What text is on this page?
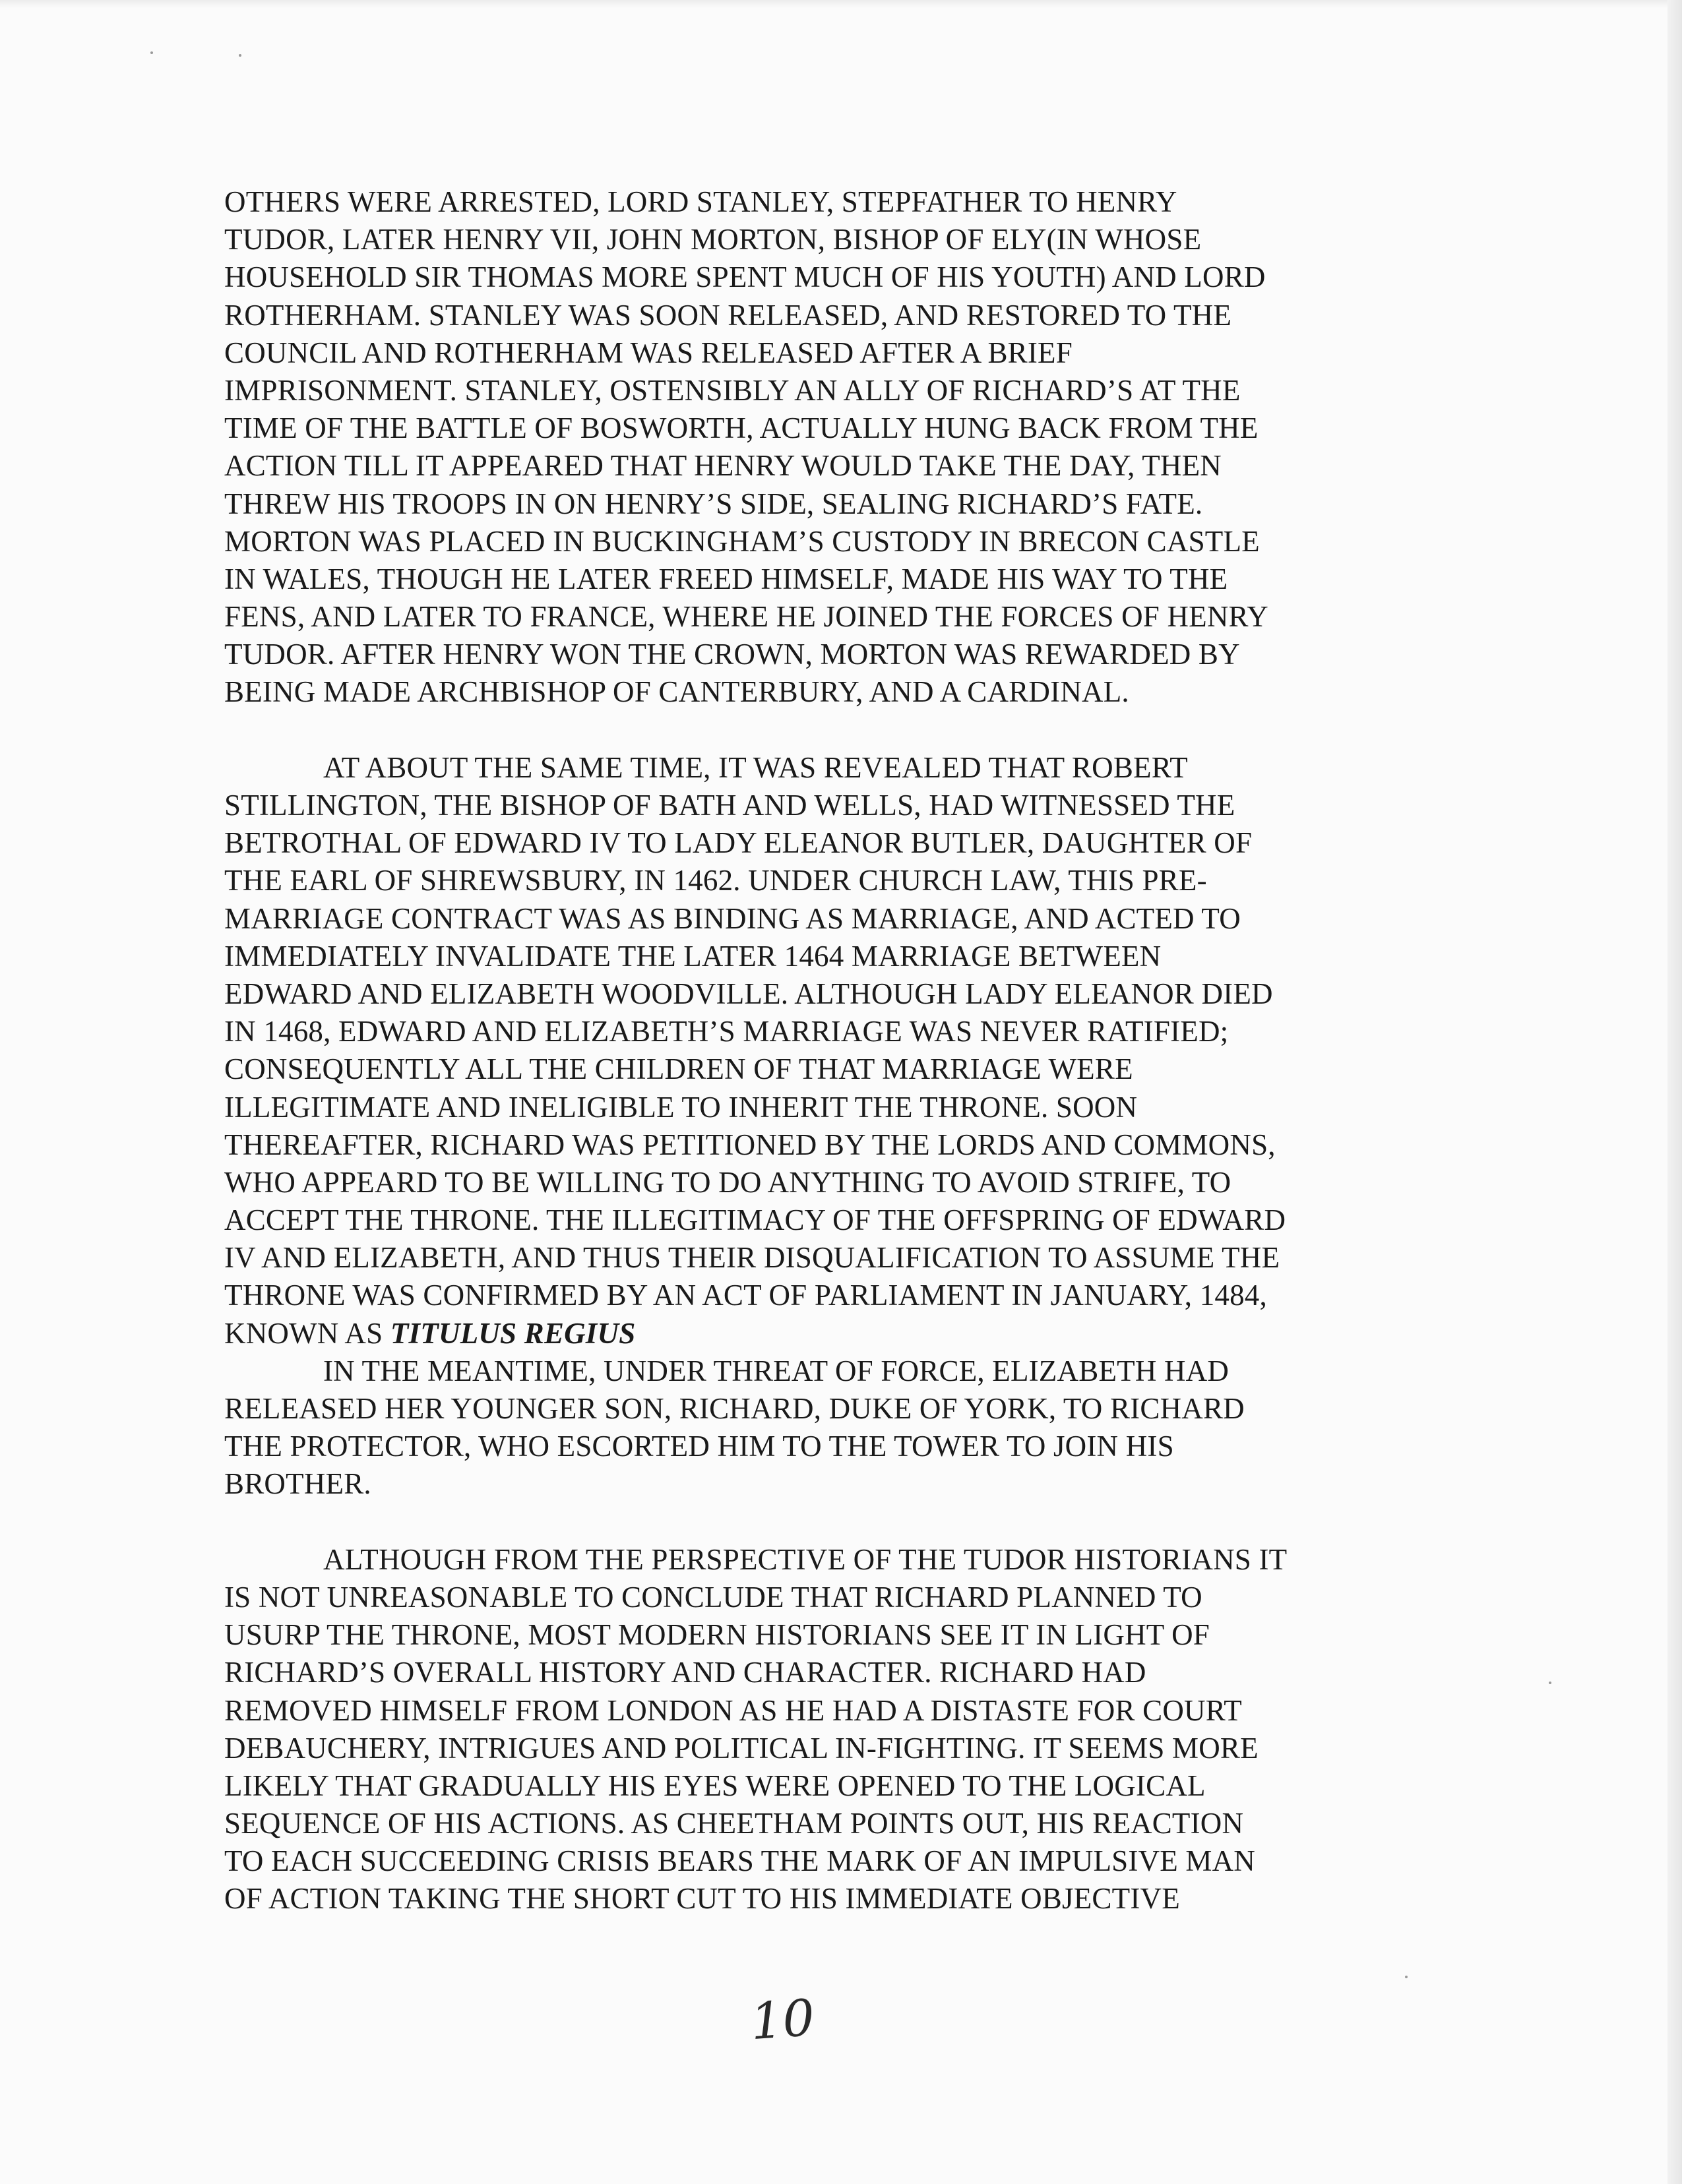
OTHERS WERE ARRESTED, LORD STANLEY, STEPFATHER TO HENRY
TUDOR, LATER HENRY VII, JOHN MORTON, BISHOP OF ELY(IN WHOSE
HOUSEHOLD SIR THOMAS MORE SPENT MUCH OF HIS YOUTH) AND LORD
ROTHERHAM. STANLEY WAS SOON RELEASED, AND RESTORED TO THE
COUNCIL AND ROTHERHAM WAS RELEASED AFTER A BRIEF
IMPRISONMENT. STANLEY, OSTENSIBLY AN ALLY OF RICHARD’S AT THE
TIME OF THE BATTLE OF BOSWORTH, ACTUALLY HUNG BACK FROM THE
ACTION TILL IT APPEARED THAT HENRY WOULD TAKE THE DAY, THEN
THREW HIS TROOPS IN ON HENRY’S SIDE, SEALING RICHARD’S FATE.
MORTON WAS PLACED IN BUCKINGHAM’S CUSTODY IN BRECON CASTLE
IN WALES, THOUGH HE LATER FREED HIMSELF, MADE HIS WAY TO THE
FENS, AND LATER TO FRANCE, WHERE HE JOINED THE FORCES OF HENRY
TUDOR. AFTER HENRY WON THE CROWN, MORTON WAS REWARDED BY
BEING MADE ARCHBISHOP OF CANTERBURY, AND A CARDINAL.
AT ABOUT THE SAME TIME, IT WAS REVEALED THAT ROBERT
STILLINGTON, THE BISHOP OF BATH AND WELLS, HAD WITNESSED THE
BETROTHAL OF EDWARD IV TO LADY ELEANOR BUTLER, DAUGHTER OF
THE EARL OF SHREWSBURY, IN 1462. UNDER CHURCH LAW, THIS PRE-
MARRIAGE CONTRACT WAS AS BINDING AS MARRIAGE, AND ACTED TO
IMMEDIATELY INVALIDATE THE LATER 1464 MARRIAGE BETWEEN
EDWARD AND ELIZABETH WOODVILLE. ALTHOUGH LADY ELEANOR DIED
IN 1468, EDWARD AND ELIZABETH’S MARRIAGE WAS NEVER RATIFIED;
CONSEQUENTLY ALL THE CHILDREN OF THAT MARRIAGE WERE
ILLEGITIMATE AND INELIGIBLE TO INHERIT THE THRONE. SOON
THEREAFTER, RICHARD WAS PETITIONED BY THE LORDS AND COMMONS,
WHO APPEARD TO BE WILLING TO DO ANYTHING TO AVOID STRIFE, TO
ACCEPT THE THRONE. THE ILLEGITIMACY OF THE OFFSPRING OF EDWARD
IV AND ELIZABETH, AND THUS THEIR DISQUALIFICATION TO ASSUME THE
THRONE WAS CONFIRMED BY AN ACT OF PARLIAMENT IN JANUARY, 1484,
KNOWN AS TITULUS REGIUS
IN THE MEANTIME, UNDER THREAT OF FORCE, ELIZABETH HAD
RELEASED HER YOUNGER SON, RICHARD, DUKE OF YORK, TO RICHARD
THE PROTECTOR, WHO ESCORTED HIM TO THE TOWER TO JOIN HIS
BROTHER.
ALTHOUGH FROM THE PERSPECTIVE OF THE TUDOR HISTORIANS IT
IS NOT UNREASONABLE TO CONCLUDE THAT RICHARD PLANNED TO
USURP THE THRONE, MOST MODERN HISTORIANS SEE IT IN LIGHT OF
RICHARD’S OVERALL HISTORY AND CHARACTER. RICHARD HAD
REMOVED HIMSELF FROM LONDON AS HE HAD A DISTASTE FOR COURT
DEBAUCHERY, INTRIGUES AND POLITICAL IN-FIGHTING. IT SEEMS MORE
LIKELY THAT GRADUALLY HIS EYES WERE OPENED TO THE LOGICAL
SEQUENCE OF HIS ACTIONS. AS CHEETHAM POINTS OUT, HIS REACTION
TO EACH SUCCEEDING CRISIS BEARS THE MARK OF AN IMPULSIVE MAN
OF ACTION TAKING THE SHORT CUT TO HIS IMMEDIATE OBJECTIVE
10
